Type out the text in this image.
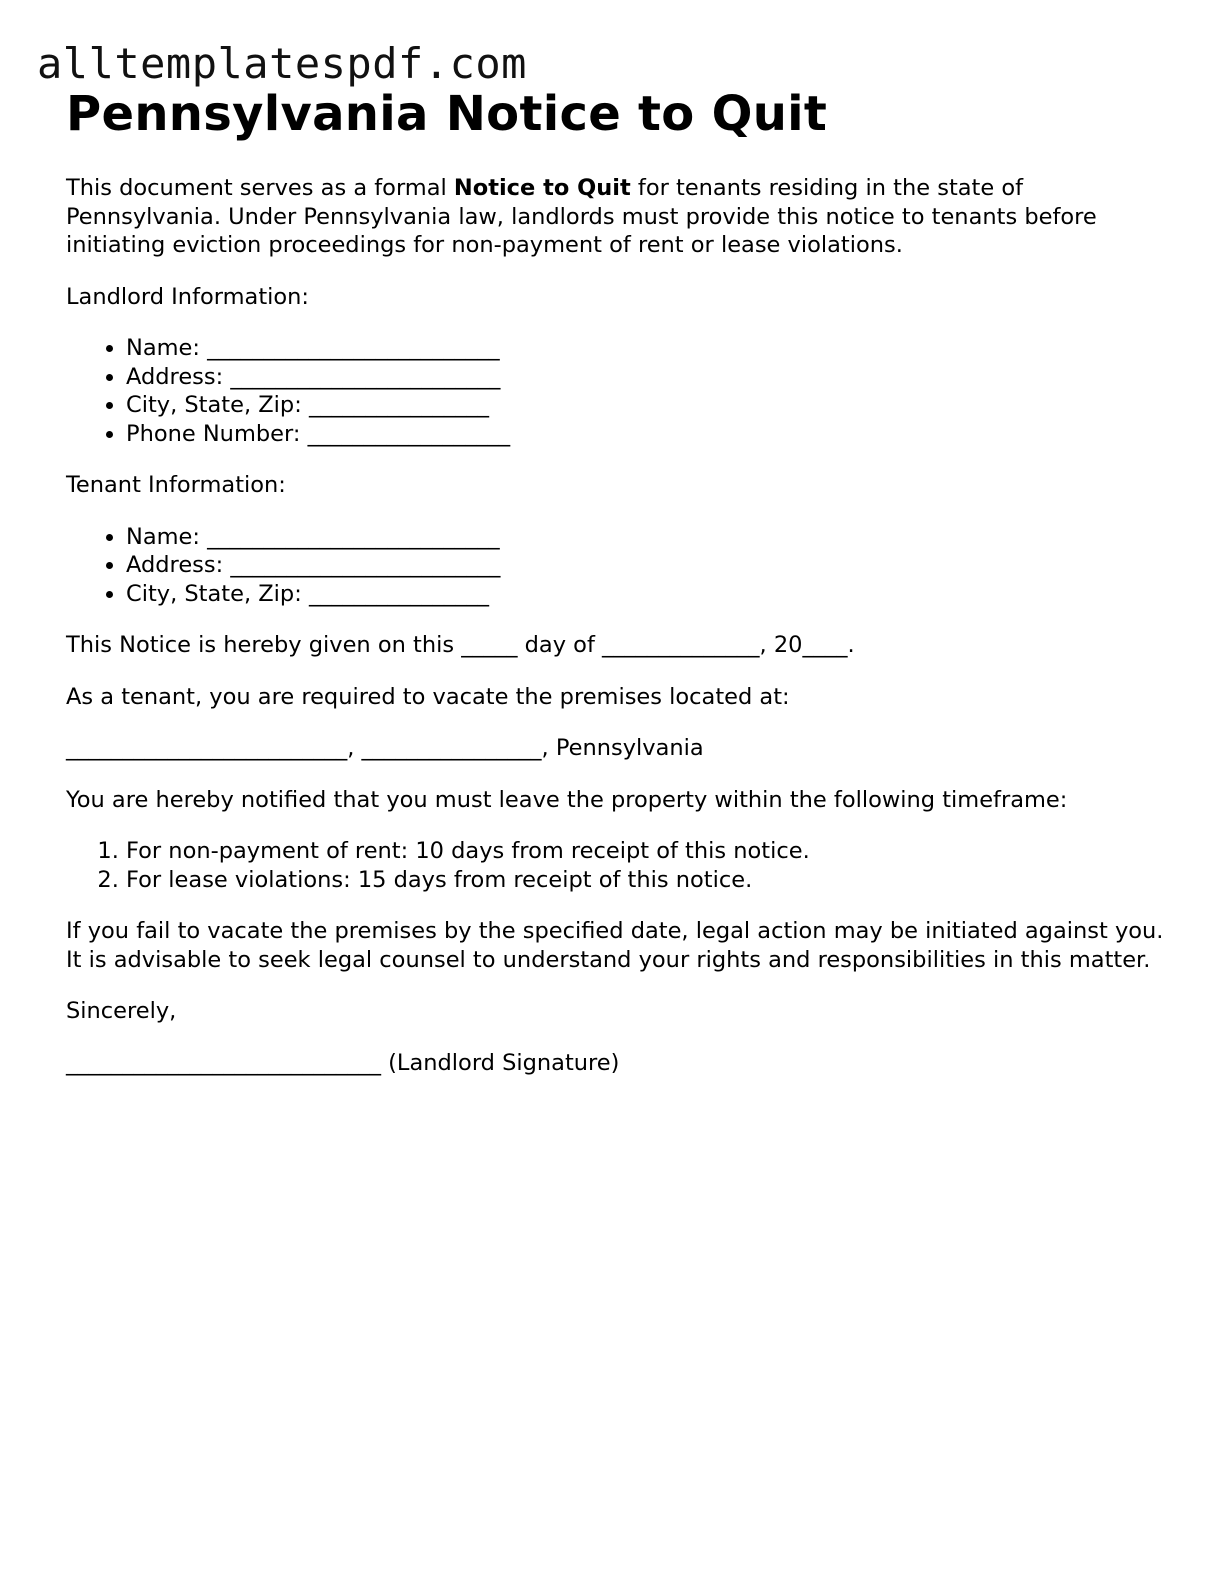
alltemplatespdf.com
Pennsylvania Notice to Quit

This document serves as a formal Notice to Quit for tenants residing in the state of Pennsylvania. Under Pennsylvania law, landlords must provide this notice to tenants before initiating eviction proceedings for non-payment of rent or lease violations.

Landlord Information:

• Name: __________________________
• Address: ________________________
• City, State, Zip: ________________
• Phone Number: __________________

Tenant Information:

• Name: __________________________
• Address: ________________________
• City, State, Zip: ________________

This Notice is hereby given on this _____ day of ______________, 20____.

As a tenant, you are required to vacate the premises located at:

_________________________, ________________, Pennsylvania

You are hereby notified that you must leave the property within the following timeframe:

1. For non-payment of rent: 10 days from receipt of this notice.
2. For lease violations: 15 days from receipt of this notice.

If you fail to vacate the premises by the specified date, legal action may be initiated against you. It is advisable to seek legal counsel to understand your rights and responsibilities in this matter.

Sincerely,

____________________________ (Landlord Signature)
